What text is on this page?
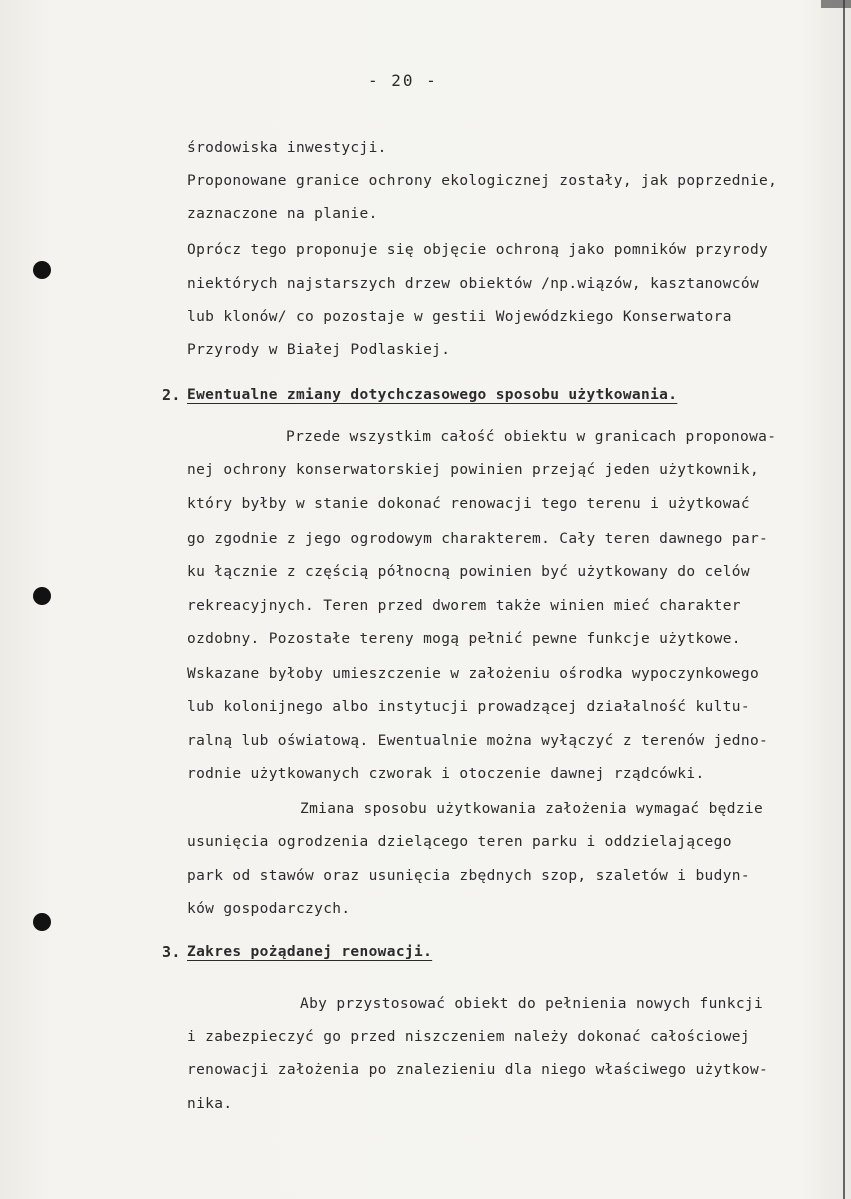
- 20 -
środowiska inwestycji.
Proponowane granice ochrony ekologicznej zostały, jak poprzednie,
zaznaczone na planie.
Oprócz tego proponuje się objęcie ochroną jako pomników przyrody
niektórych najstarszych drzew obiektów /np.wiązów, kasztanowców
lub klonów/ co pozostaje w gestii Wojewódzkiego Konserwatora
Przyrody w Białej Podlaskiej.
2. Ewentualne zmiany dotychczasowego sposobu użytkowania.
Przede wszystkim całość obiektu w granicach proponowa-
nej ochrony konserwatorskiej powinien przejąć jeden użytkownik,
który byłby w stanie dokonać renowacji tego terenu i użytkować
go zgodnie z jego ogrodowym charakterem. Cały teren dawnego par-
ku łącznie z częścią północną powinien być użytkowany do celów
rekreacyjnych. Teren przed dworem także winien mieć charakter
ozdobny. Pozostałe tereny mogą pełnić pewne funkcje użytkowe.
Wskazane byłoby umieszczenie w założeniu ośrodka wypoczynkowego
lub kolonijnego albo instytucji prowadzącej działalność kultu-
ralną lub oświatową. Ewentualnie można wyłączyć z terenów jedno-
rodnie użytkowanych czworak i otoczenie dawnej rządcówki.
Zmiana sposobu użytkowania założenia wymagać będzie
usunięcia ogrodzenia dzielącego teren parku i oddzielającego
park od stawów oraz usunięcia zbędnych szop, szaletów i budyn-
ków gospodarczych.
3. Zakres pożądanej renowacji.
Aby przystosować obiekt do pełnienia nowych funkcji
i zabezpieczyć go przed niszczeniem należy dokonać całościowej
renowacji założenia po znalezieniu dla niego właściwego użytkow-
nika.
